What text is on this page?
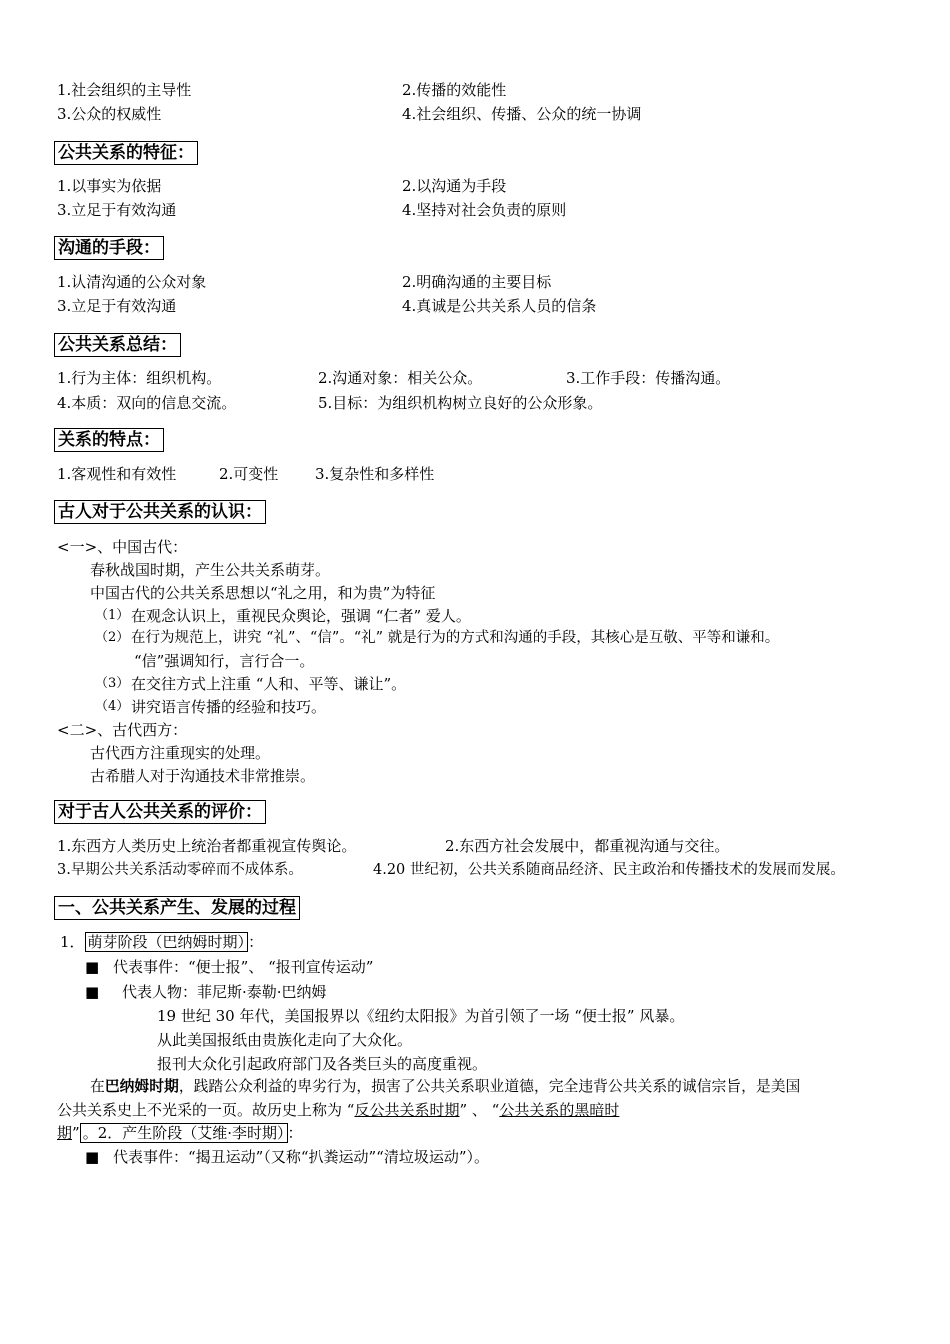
1.社会组织的主导性	2.传播的效能性
3.公众的权威性	4.社会组织、传播、公众的统一协调
公共关系的特征：
1.以事实为依据	2.以沟通为手段
3.立足于有效沟通	4.坚持对社会负责的原则
沟通的手段：
1.认清沟通的公众对象	2.明确沟通的主要目标
3.立足于有效沟通	4.真诚是公共关系人员的信条
公共关系总结：
1.行为主体：组织机构。	2.沟通对象：相关公众。	3.工作手段：传播沟通。
4.本质：双向的信息交流。	5.目标：为组织机构树立良好的公众形象。
关系的特点：
1.客观性和有效性	2.可变性 3.复杂性和多样性
古人对于公共关系的认识：
<一>、中国古代：
春秋战国时期，产生公共关系萌芽。
中国古代的公共关系思想以“礼之用，和为贵”为特征
（1） 在观念认识上，重视民众舆论，强调 “仁者” 爱人。
（2） 在行为规范上，讲究 “礼”、“信”。“礼” 就是行为的方式和沟通的手段，其核心是互敬、平等和谦和。
“信”强调知行，言行合一。
（3） 在交往方式上注重 “人和、平等、谦让”。
（4） 讲究语言传播的经验和技巧。
<二>、古代西方：
古代西方注重现实的处理。
古希腊人对于沟通技术非常推崇。
对于古人公共关系的评价：
1.东西方人类历史上统治者都重视宣传舆论。	2.东西方社会发展中，都重视沟通与交往。
3.早期公共关系活动零碎而不成体系。	4.20 世纪初，公共关系随商品经济、民主政治和传播技术的发展而发展。
一、公共关系产生、发展的过程
1． 萌芽阶段（巴纳姆时期） ：
■ 代表事件：“便士报”、 “报刊宣传运动”
■ 代表人物：菲尼斯·泰勒·巴纳姆
19 世纪 30 年代，美国报界以《纽约太阳报》为首引领了一场 “便士报” 风暴。
从此美国报纸由贵族化走向了大众化。
报刊大众化引起政府部门及各类巨头的高度重视。
在巴纳姆时期，践踏公众利益的卑劣行为，损害了公共关系职业道德，完全违背公共关系的诚信宗旨，是美国
公共关系史上不光采的一页。故历史上称为 “反公共关系时期” 、 “公共关系的黑暗时
期” 。2．产生阶段（艾维·李时期） ：
■ 代表事件：“揭丑运动”（又称“扒粪运动”“清垃圾运动”）。
